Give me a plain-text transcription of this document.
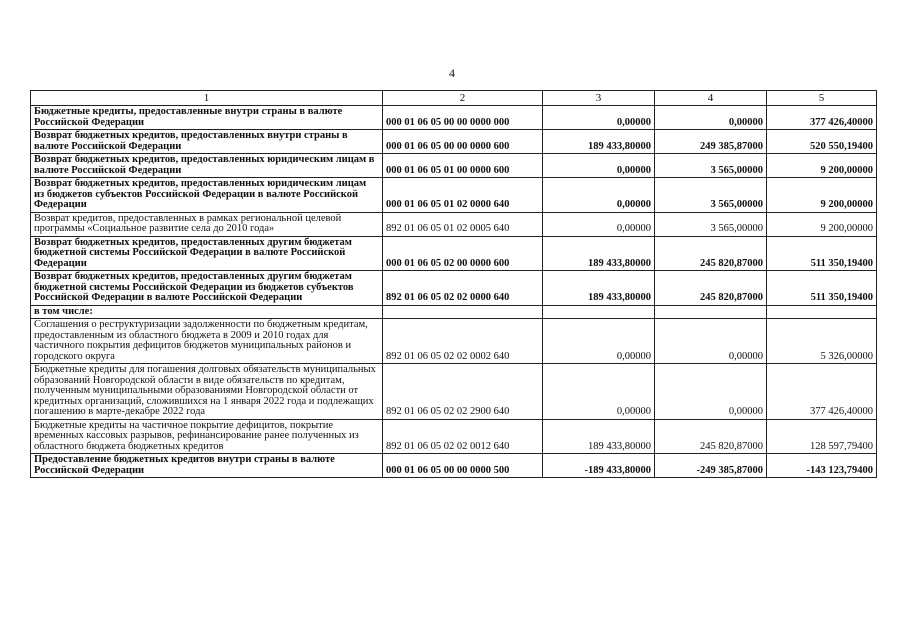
4
1	2	3	4	5
Бюджетные кредиты, предоставленные внутри страны в валюте Российской Федерации	000 01 06 05 00 00 0000 000	0,00000	0,00000	377 426,40000
Возврат бюджетных кредитов, предоставленных внутри страны в валюте Российской Федерации	000 01 06 05 00 00 0000 600	189 433,80000	249 385,87000	520 550,19400
Возврат бюджетных кредитов, предоставленных юридическим лицам в валюте Российской Федерации	000 01 06 05 01 00 0000 600	0,00000	3 565,00000	9 200,00000
Возврат бюджетных кредитов, предоставленных юридическим лицам из бюджетов субъектов Российской Федерации в валюте Российской Федерации	000 01 06 05 01 02 0000 640	0,00000	3 565,00000	9 200,00000
Возврат кредитов, предоставленных в рамках региональной целевой программы «Социальное развитие села до 2010 года»	892 01 06 05 01 02 0005 640	0,00000	3 565,00000	9 200,00000
Возврат бюджетных кредитов, предоставленных другим бюджетам бюджетной системы Российской Федерации в валюте Российской Федерации	000 01 06 05 02 00 0000 600	189 433,80000	245 820,87000	511 350,19400
Возврат бюджетных кредитов, предоставленных другим бюджетам бюджетной системы Российской Федерации из бюджетов субъектов Российской Федерации в валюте Российской Федерации	892 01 06 05 02 02 0000 640	189 433,80000	245 820,87000	511 350,19400
в том числе:				
Соглашения о реструктуризации задолженности по бюджетным кредитам, предоставленным из областного бюджета в 2009 и 2010 годах для частичного покрытия дефицитов бюджетов муниципальных районов и городского округа	892 01 06 05 02 02 0002 640	0,00000	0,00000	5 326,00000
Бюджетные кредиты для погашения долговых обязательств муниципальных образований Новгородской области в виде обязательств по кредитам, полученным муниципальными образованиями Новгородской области от кредитных организаций, сложившихся на 1 января 2022 года и подлежащих погашению в марте-декабре 2022 года	892 01 06 05 02 02 2900 640	0,00000	0,00000	377 426,40000
Бюджетные кредиты на частичное покрытие дефицитов, покрытие временных кассовых разрывов, рефинансирование ранее полученных из областного бюджета бюджетных кредитов	892 01 06 05 02 02 0012 640	189 433,80000	245 820,87000	128 597,79400
Предоставление бюджетных кредитов внутри страны в валюте Российской Федерации	000 01 06 05 00 00 0000 500	-189 433,80000	-249 385,87000	-143 123,79400
